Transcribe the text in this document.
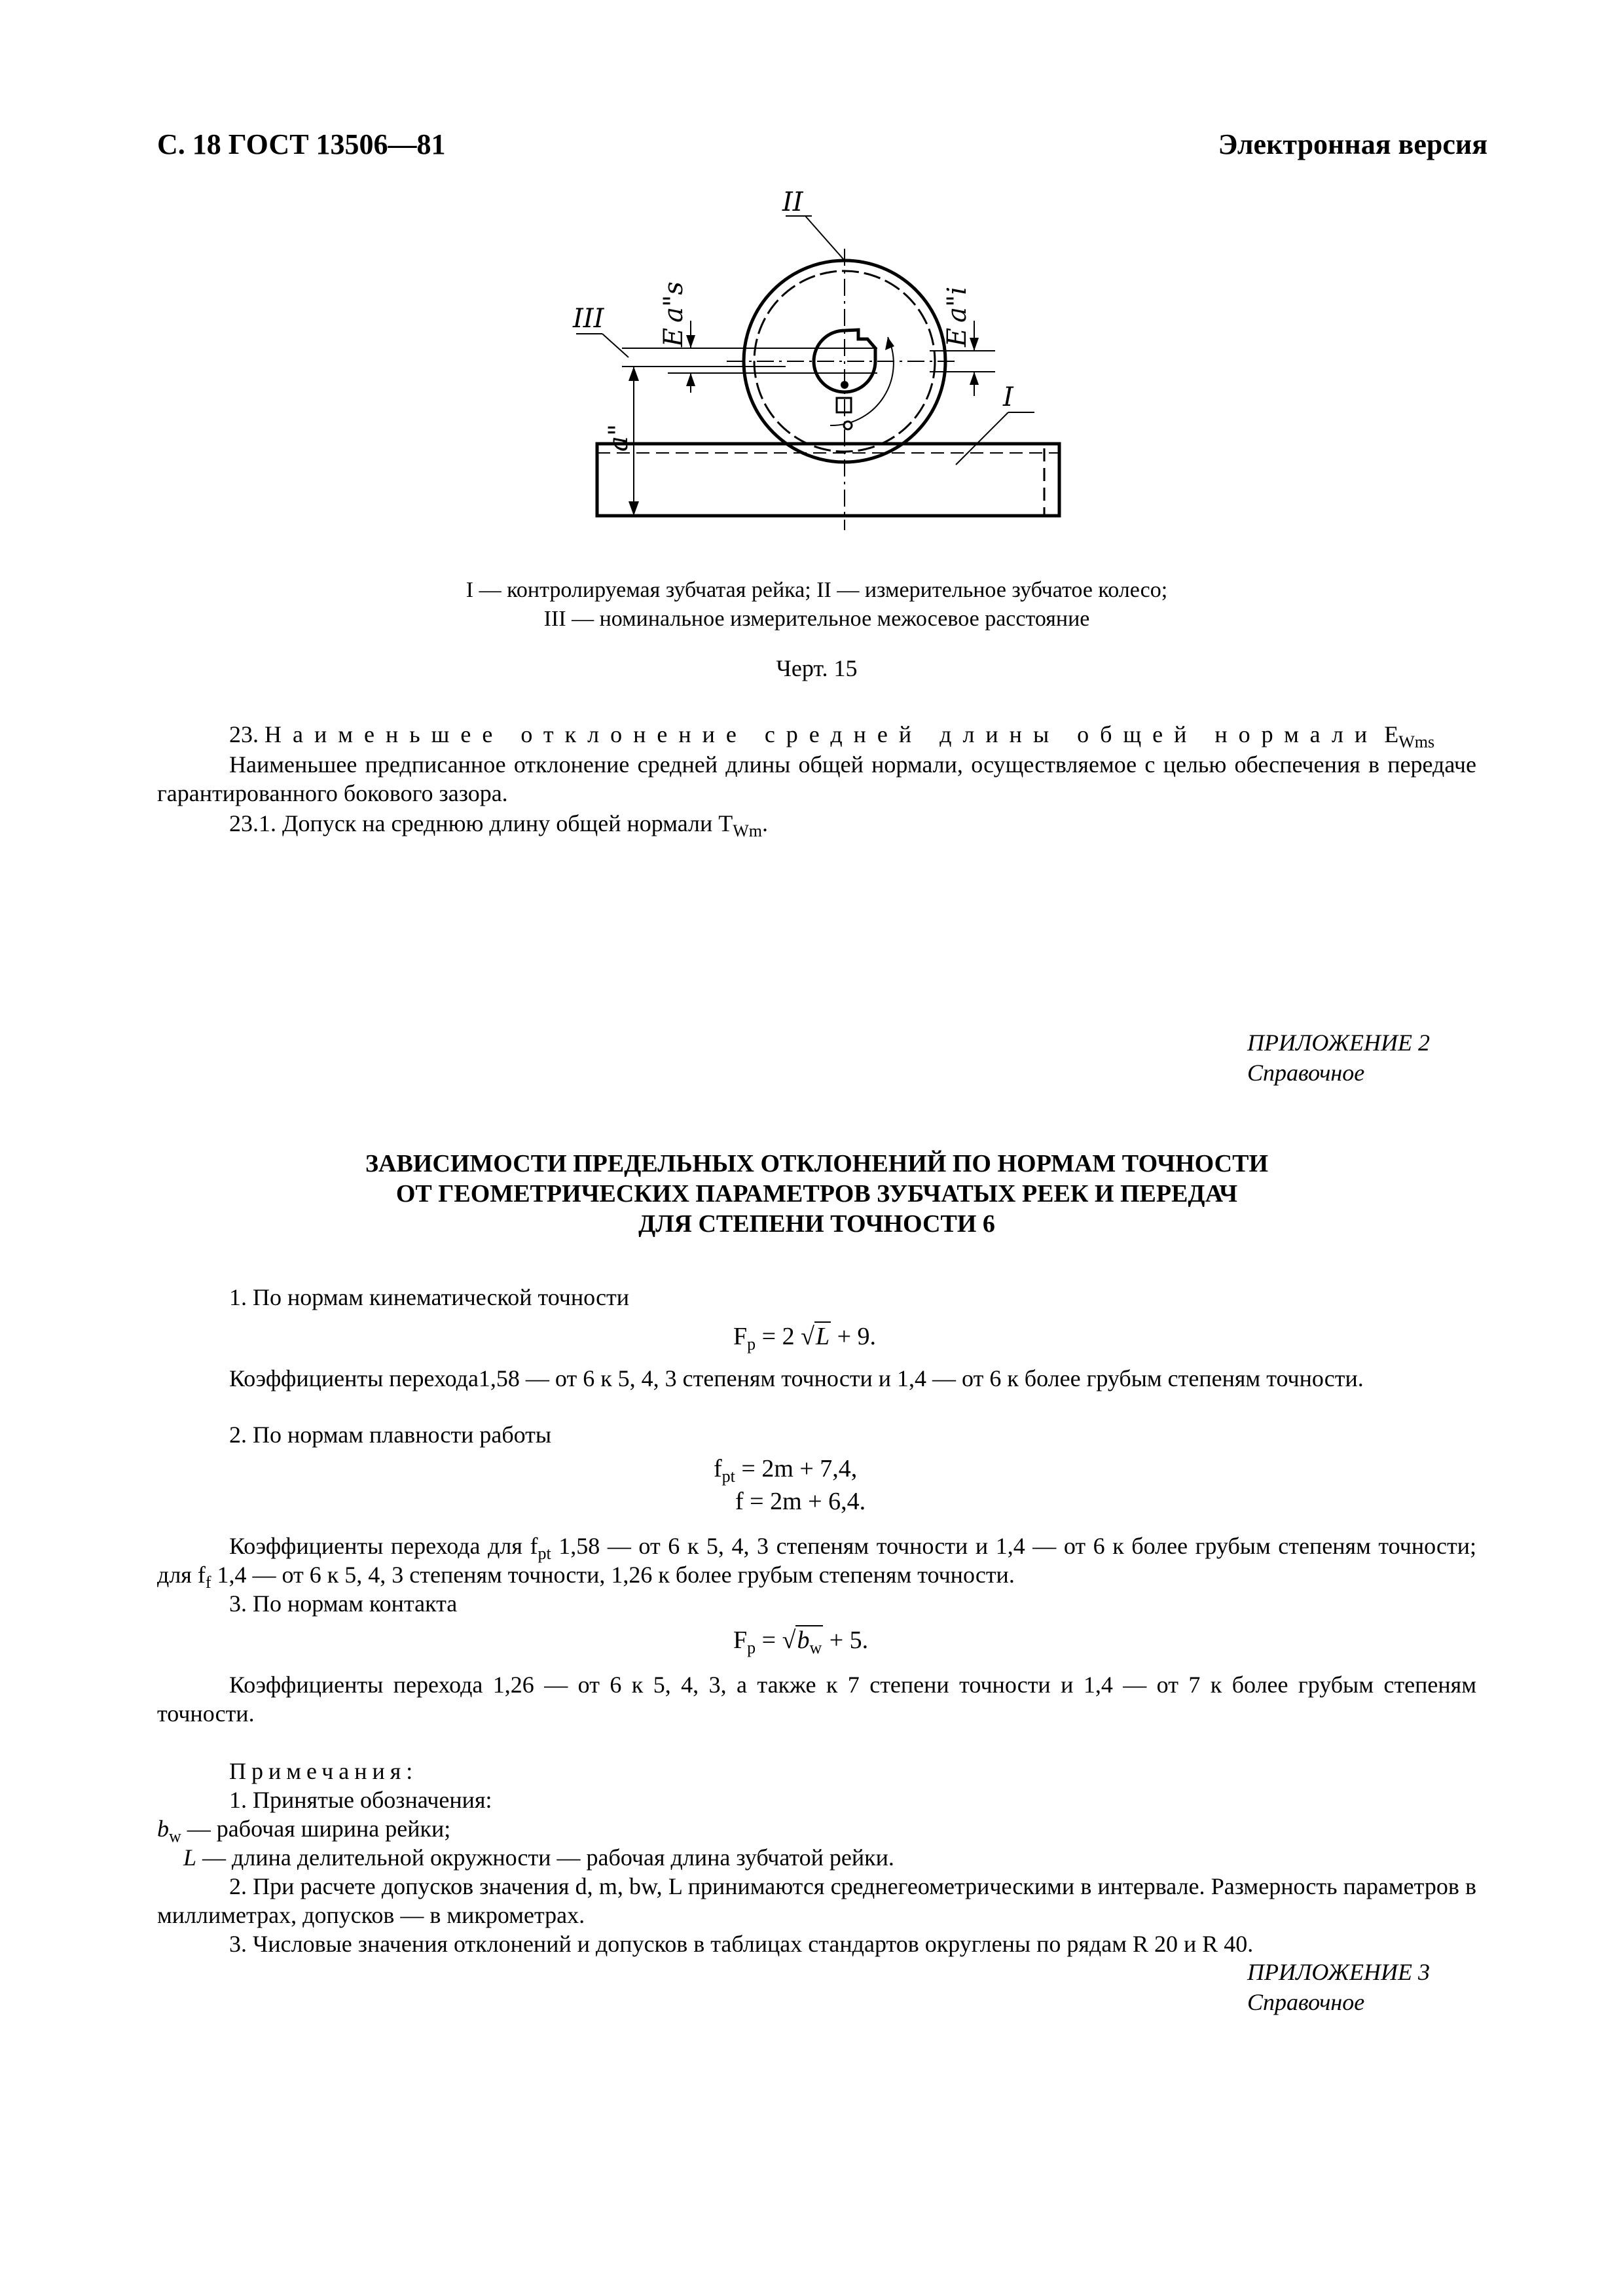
С. 18 ГОСТ 13506—81	Электронная версия
II
III
I
a"
E a"s	E a"i
I — контролируемая зубчатая рейка; II — измерительное зубчатое колесо;
III — номинальное измерительное межосевое расстояние
Черт. 15
23. Наименьшее отклонение средней длины общей нормали $E_{Wms}$
Наименьшее предписанное отклонение средней длины общей нормали, осуществляемое с целью обеспечения в передаче гарантированного бокового зазора.
23.1. Допуск на среднюю длину общей нормали $T_{Wm}$.
ПРИЛОЖЕНИЕ 2
Справочное
ЗАВИСИМОСТИ ПРЕДЕЛЬНЫХ ОТКЛОНЕНИЙ ПО НОРМАМ ТОЧНОСТИ
ОТ ГЕОМЕТРИЧЕСКИХ ПАРАМЕТРОВ ЗУБЧАТЫХ РЕЕК И ПЕРЕДАЧ
ДЛЯ СТЕПЕНИ ТОЧНОСТИ 6
1. По нормам кинематической точности
$F_p = 2$ √L + 9.
Коэффициенты перехода1,58 — от 6 к 5, 4, 3 степеням точности и 1,4 — от 6 к более грубым степеням точности.
2. По нормам плавности работы
$f_{pt} = 2m + 7,4$,
f = 2m + 6,4.
Коэффициенты перехода для $f_{pt}$ 1,58 — от 6 к 5, 4, 3 степеням точности и 1,4 — от 6 к более грубым степеням точности; для $f_f$ 1,4 — от 6 к 5, 4, 3 степеням точности, 1,26 к более грубым степеням точности.
3. По нормам контакта
$F_p = √b_w + 5$.
Коэффициенты перехода 1,26 — от 6 к 5, 4, 3, а также к 7 степени точности и 1,4 — от 7 к более грубым степеням точности.
Примечания:
1. Принятые обозначения:
$b_w$ — рабочая ширина рейки;
L — длина делительной окружности — рабочая длина зубчатой рейки.
2. При расчете допусков значения d, m, bw, L принимаются среднегеометрическими в интервале. Размерность параметров в миллиметрах, допусков — в микрометрах.
3. Числовые значения отклонений и допусков в таблицах стандартов округлены по рядам R 20 и R 40.
ПРИЛОЖЕНИЕ 3
Справочное
